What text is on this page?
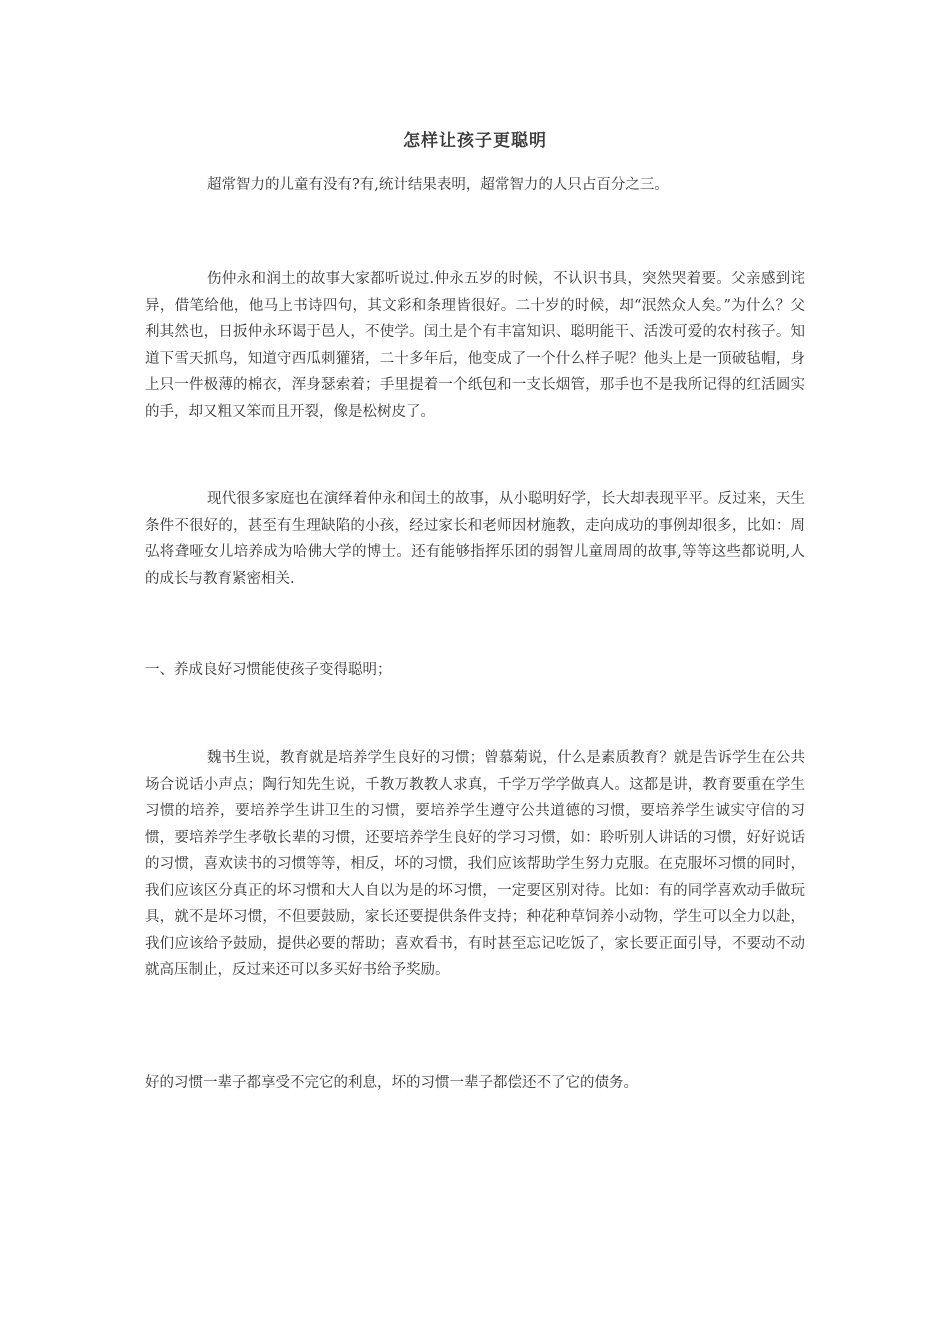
怎样让孩子更聪明
超常智力的儿童有没有?有,统计结果表明，超常智力的人只占百分之三。
伤仲永和润土的故事大家都听说过.仲永五岁的时候，不认识书具，突然哭着要。父亲感到诧异，借笔给他，他马上书诗四句，其文彩和条理皆很好。二十岁的时候，却“泯然众人矣。”为什么？父利其然也，日扳仲永环谒于邑人，不使学。闰土是个有丰富知识、聪明能干、活泼可爱的农村孩子。知道下雪天抓鸟，知道守西瓜刺獾猪，二十多年后，他变成了一个什么样子呢？他头上是一顶破毡帽，身上只一件极薄的棉衣，浑身瑟索着；手里提着一个纸包和一支长烟管，那手也不是我所记得的红活圆实的手，却又粗又笨而且开裂，像是松树皮了。
现代很多家庭也在演绎着仲永和闰土的故事，从小聪明好学，长大却表现平平。反过来，天生条件不很好的，甚至有生理缺陷的小孩，经过家长和老师因材施教，走向成功的事例却很多，比如：周弘将聋哑女儿培养成为哈佛大学的博士。还有能够指挥乐团的弱智儿童周周的故事,等等这些都说明,人的成长与教育紧密相关.
一、养成良好习惯能使孩子变得聪明；
魏书生说，教育就是培养学生良好的习惯；曾慕菊说，什么是素质教育？就是告诉学生在公共场合说话小声点；陶行知先生说，千教万教教人求真，千学万学学做真人。这都是讲，教育要重在学生习惯的培养，要培养学生讲卫生的习惯，要培养学生遵守公共道德的习惯，要培养学生诚实守信的习惯，要培养学生孝敬长辈的习惯，还要培养学生良好的学习习惯，如：聆听别人讲话的习惯，好好说话的习惯，喜欢读书的习惯等等，相反，坏的习惯，我们应该帮助学生努力克服。在克服坏习惯的同时，我们应该区分真正的坏习惯和大人自以为是的坏习惯，一定要区别对待。比如：有的同学喜欢动手做玩具，就不是坏习惯，不但要鼓励，家长还要提供条件支持；种花种草饲养小动物，学生可以全力以赴，我们应该给予鼓励，提供必要的帮助；喜欢看书，有时甚至忘记吃饭了，家长要正面引导，不要动不动就高压制止，反过来还可以多买好书给予奖励。
好的习惯一辈子都享受不完它的利息，坏的习惯一辈子都偿还不了它的债务。
